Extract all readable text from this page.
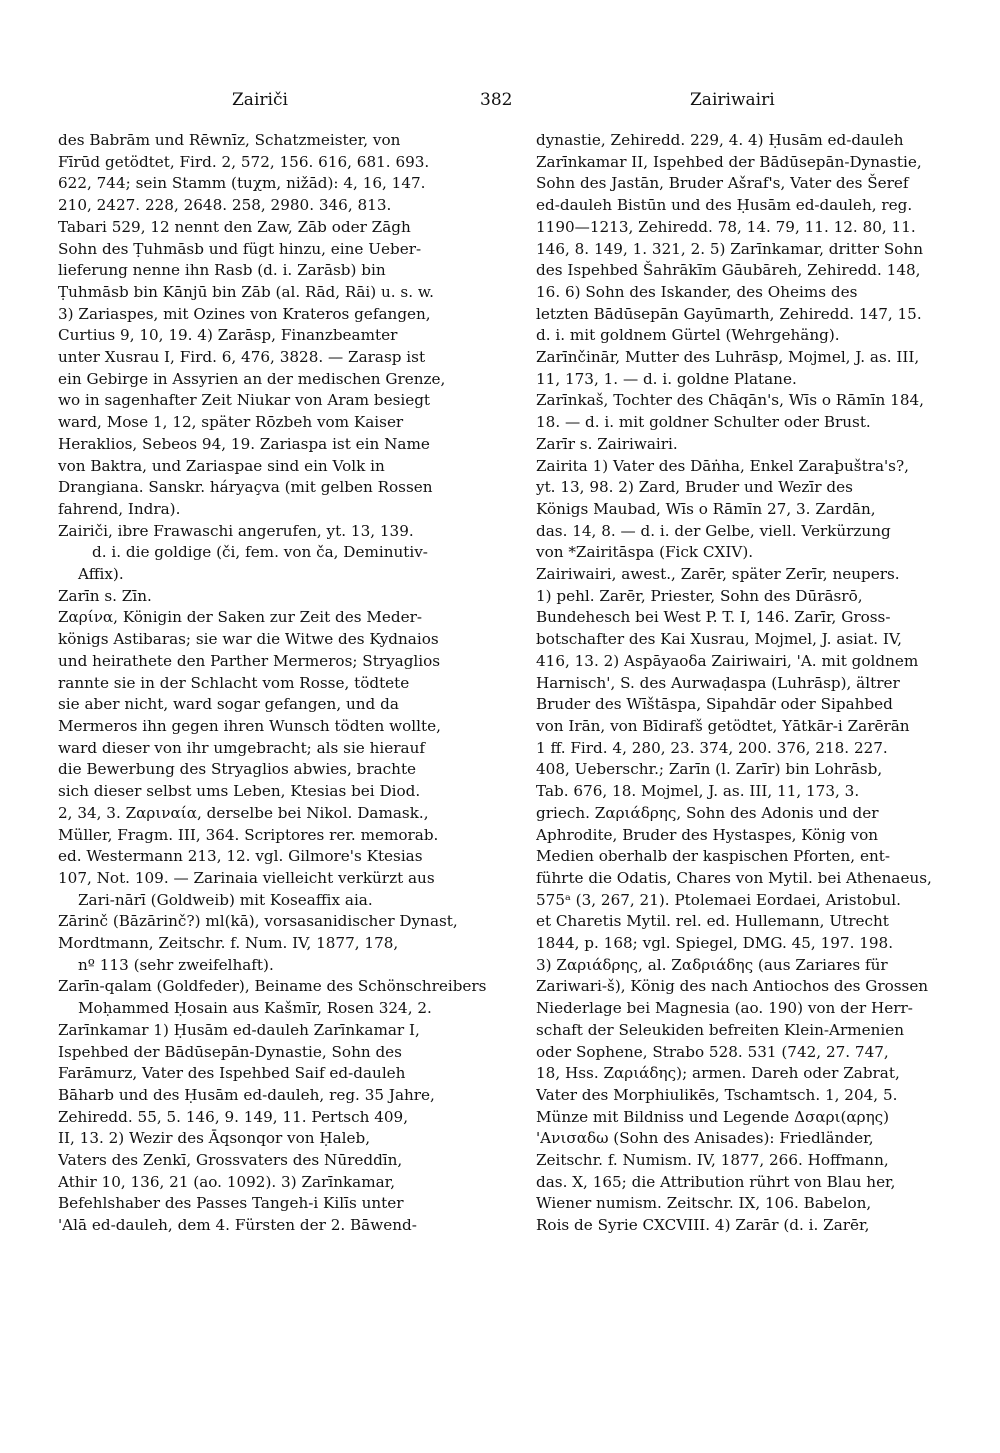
Zairiči	382	Zairiwairi
des Babrām und Rēwnīz, Schatzmeister, von
Fīrūd getödtet, Fird. 2, 572, 156. 616, 681. 693.
622, 744; sein Stamm (tuχm, nižād): 4, 16, 147.
210, 2427. 228, 2648. 258, 2980. 346, 813.
Tabari 529, 12 nennt den Zaw, Zāb oder Zāgh
Sohn des Ṭuhmāsb und fügt hinzu, eine Ueber-
lieferung nenne ihn Rasb (d. i. Zarāsb) bin
Ṭuhmāsb bin Kānjū bin Zāb (al. Rād, Rāi) u. s. w.
3) Zariaspes, mit Ozines von Krateros gefangen,
Curtius 9, 10, 19. 4) Zarāsp, Finanzbeamter
unter Xusrau I, Fird. 6, 476, 3828. — Zarasp ist
ein Gebirge in Assyrien an der medischen Grenze,
wo in sagenhafter Zeit Niukar von Aram besiegt
ward, Mose 1, 12, später Rōzbeh vom Kaiser
Heraklios, Sebeos 94, 19. Zariaspa ist ein Name
von Baktra, und Zariaspae sind ein Volk in
Drangiana. Sanskr. háryaçva (mit gelben Rossen
fahrend, Indra).
Zairiči, ibre Frawaschi angerufen, yt. 13, 139.
d. i. die goldige (či, fem. von ča, Deminutiv-
Affix).
Zarīn s. Zīn.
Ζαρίνα, Königin der Saken zur Zeit des Meder-
königs Astibaras; sie war die Witwe des Kydnaios
und heirathete den Parther Mermeros; Stryaglios
rannte sie in der Schlacht vom Rosse, tödtete
sie aber nicht, ward sogar gefangen, und da
Mermeros ihn gegen ihren Wunsch tödten wollte,
ward dieser von ihr umgebracht; als sie hierauf
die Bewerbung des Stryaglios abwies, brachte
sich dieser selbst ums Leben, Ktesias bei Diod.
2, 34, 3. Ζαριναία, derselbe bei Nikol. Damask.,
Müller, Fragm. III, 364. Scriptores rer. memorab.
ed. Westermann 213, 12. vgl. Gilmore's Ktesias
107, Not. 109. — Zarinaia vielleicht verkürzt aus
Zari-nārī (Goldweib) mit Koseaffix aia.
Zārinč (Bāzārinč?) ml(kā), vorsasanidischer Dynast,
Mordtmann, Zeitschr. f. Num. IV, 1877, 178,
nº 113 (sehr zweifelhaft).
Zarīn-qalam (Goldfeder), Beiname des Schönschreibers
Moḥammed Ḥosain aus Kašmīr, Rosen 324, 2.
Zarīnkamar 1) Ḥusām ed-dauleh Zarīnkamar I,
Ispehbed der Bādūsepān-Dynastie, Sohn des
Farāmurz, Vater des Ispehbed Saif ed-dauleh
Bāharb und des Ḥusām ed-dauleh, reg. 35 Jahre,
Zehiredd. 55, 5. 146, 9. 149, 11. Pertsch 409,
II, 13. 2) Wezir des Āqsonqor von Ḥaleb,
Vaters des Zenkī, Grossvaters des Nūreddīn,
Athir 10, 136, 21 (ao. 1092). 3) Zarīnkamar,
Befehlshaber des Passes Tangeh-i Kilīs unter
'Alā ed-dauleh, dem 4. Fürsten der 2. Bāwend-
dynastie, Zehiredd. 229, 4. 4) Ḥusām ed-dauleh
Zarīnkamar II, Ispehbed der Bādūsepān-Dynastie,
Sohn des Jastān, Bruder Ašraf's, Vater des Šeref
ed-dauleh Bistūn und des Ḥusām ed-dauleh, reg.
1190—1213, Zehiredd. 78, 14. 79, 11. 12. 80, 11.
146, 8. 149, 1. 321, 2. 5) Zarīnkamar, dritter Sohn
des Ispehbed Šahrākīm Gāubāreh, Zehiredd. 148,
16. 6) Sohn des Iskander, des Oheims des
letzten Bādūsepān Gayūmarth, Zehiredd. 147, 15.
d. i. mit goldnem Gürtel (Wehrgehäng).
Zarīnčinār, Mutter des Luhrāsp, Mojmel, J. as. III,
11, 173, 1. — d. i. goldne Platane.
Zarīnkaš, Tochter des Chāqān's, Wīs o Rāmīn 184,
18. — d. i. mit goldner Schulter oder Brust.
Zarīr s. Zairiwairi.
Zairita 1) Vater des Dāṅha, Enkel Zaraþuštra's?,
yt. 13, 98. 2) Zard, Bruder und Wezīr des
Königs Maubad, Wīs o Rāmīn 27, 3. Zardān,
das. 14, 8. — d. i. der Gelbe, viell. Verkürzung
von *Zairitāspa (Fick CXIV).
Zairiwairi, awest., Zarēr, später Zerīr, neupers.
1) pehl. Zarēr, Priester, Sohn des Dūrāsrō,
Bundehesch bei West P. T. I, 146. Zarīr, Gross-
botschafter des Kai Xusrau, Mojmel, J. asiat. IV,
416, 13. 2) Aspāyaoδa Zairiwairi, 'A. mit goldnem
Harnisch', S. des Aurwaḍaspa (Luhrāsp), ältrer
Bruder des Wīštāspa, Sipahdār oder Sipahbed
von Irān, von Bīdirafš getödtet, Yātkār-i Zarērān
1 ff. Fird. 4, 280, 23. 374, 200. 376, 218. 227.
408, Ueberschr.; Zarīn (l. Zarīr) bin Lohrāsb,
Tab. 676, 18. Mojmel, J. as. III, 11, 173, 3.
griech. Ζαριάδρης, Sohn des Adonis und der
Aphrodite, Bruder des Hystaspes, König von
Medien oberhalb der kaspischen Pforten, ent-
führte die Odatis, Chares von Mytil. bei Athenaeus,
575ᵃ (3, 267, 21). Ptolemaei Eordaei, Aristobul.
et Charetis Mytil. rel. ed. Hullemann, Utrecht
1844, p. 168; vgl. Spiegel, DMG. 45, 197. 198.
3) Ζαριάδρης, al. Ζαδριάδης (aus Zariares für
Zariwari-š), König des nach Antiochos des Grossen
Niederlage bei Magnesia (ao. 190) von der Herr-
schaft der Seleukiden befreiten Klein-Armenien
oder Sophene, Strabo 528. 531 (742, 27. 747,
18, Hss. Ζαριάδης); armen. Dareh oder Zabrat,
Vater des Morphiulikēs, Tschamtsch. 1, 204, 5.
Münze mit Bildniss und Legende Δσαρι(αρης)
'Ανισαδω (Sohn des Anisades): Friedländer,
Zeitschr. f. Numism. IV, 1877, 266. Hoffmann,
das. X, 165; die Attribution rührt von Blau her,
Wiener numism. Zeitschr. IX, 106. Babelon,
Rois de Syrie CXCVIII. 4) Zarār (d. i. Zarēr,
